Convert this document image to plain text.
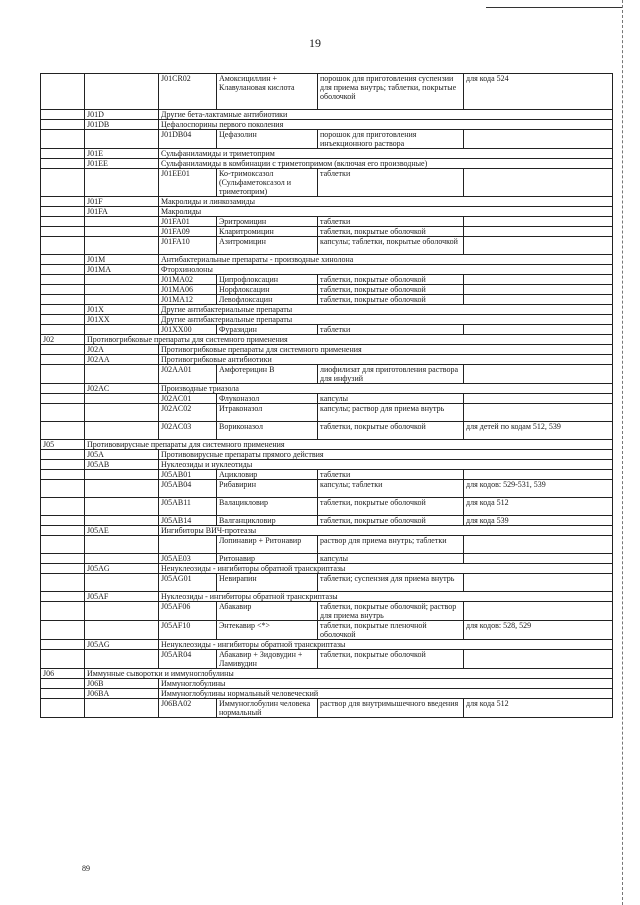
19
		J01CR02	Амоксициллин + Клавулановая кислота	порошок для приготовления суспензии для приема внутрь; таблетки, покрытые оболочкой	для кода 524
	J01D	Другие бета-лактамные антибиотики			
	J01DB	Цефалоспорины первого поколения			
		J01DB04	Цефазолин	порошок для приготовления инъекционного раствора	
	J01E	Сульфаниламиды и триметоприм			
	J01EE	Сульфаниламиды в комбинации с триметопримом (включая его производные)			
		J01EE01	Ко-тримоксазол (Сульфаметоксазол и триметоприм)	таблетки	
	J01F	Макролиды и линкозамиды			
	J01FA	Макролиды			
		J01FA01	Эритромицин	таблетки	
		J01FA09	Кларитромицин	таблетки, покрытые оболочкой	
		J01FA10	Азитромицин	капсулы; таблетки, покрытые оболочкой	
	J01M	Антибактериальные препараты - производные хинолона			
	J01MA	Фторхинолоны			
		J01MA02	Ципрофлоксацин	таблетки, покрытые оболочкой	
		J01MA06	Норфлоксацин	таблетки, покрытые оболочкой	
		J01MA12	Левофлоксацин	таблетки, покрытые оболочкой	
	J01X	Другие антибактериальные препараты			
	J01XX	Другие антибактериальные препараты			
		J01XX00	Фуразидин	таблетки	
J02	Противогрибковые препараты для системного применения				
	J02A	Противогрибковые препараты для системного применения			
	J02AA	Противогрибковые антибиотики			
		J02AA01	Амфотерицин В	лиофилизат для приготовления раствора для инфузий	
	J02AC	Производные триазола			
		J02AC01	Флуконазол	капсулы	
		J02AC02	Итраконазол	капсулы; раствор для приема внутрь	
		J02AC03	Вориконазол	таблетки, покрытые оболочкой	для детей по кодам 512, 539
J05	Противовирусные препараты для системного применения				
	J05A	Противовирусные препараты прямого действия			
	J05AB	Нуклеозиды и нуклеотиды			
		J05AB01	Ацикловир	таблетки	
		J05AB04	Рибавирин	капсулы; таблетки	для кодов: 529-531, 539
		J05AB11	Валацикловир	таблетки, покрытые оболочкой	для кода 512
		J05AB14	Валганцикловир	таблетки, покрытые оболочкой	для кода 539
	J05AE	Ингибиторы ВИЧ-протеазы			
			Лопинавир + Ритонавир	раствор для приема внутрь; таблетки	
		J05AE03	Ритонавир	капсулы	
	J05AG	Ненуклеозиды - ингибиторы обратной транскриптазы			
		J05AG01	Невирапин	таблетки; суспензия для приема внутрь	
	J05AF	Нуклеозиды - ингибиторы обратной транскриптазы			
		J05AF06	Абакавир	таблетки, покрытые оболочкой; раствор для приема внутрь	
		J05AF10	Энтекавир <*>	таблетки, покрытые пленочной оболочкой	для кодов: 528, 529
	J05AG	Ненуклеозиды - ингибиторы обратной транскриптазы			
		J05AR04	Абакавир + Зидовудин + Ламивудин	таблетки, покрытые оболочкой	
J06	Иммунные сыворотки и иммуноглобулины				
	J06B	Иммуноглобулины			
	J06BA	Иммуноглобулины нормальный человеческий			
		J06BA02	Иммуноглобулин человека нормальный	раствор для внутримышечного введения	для кода 512
89
